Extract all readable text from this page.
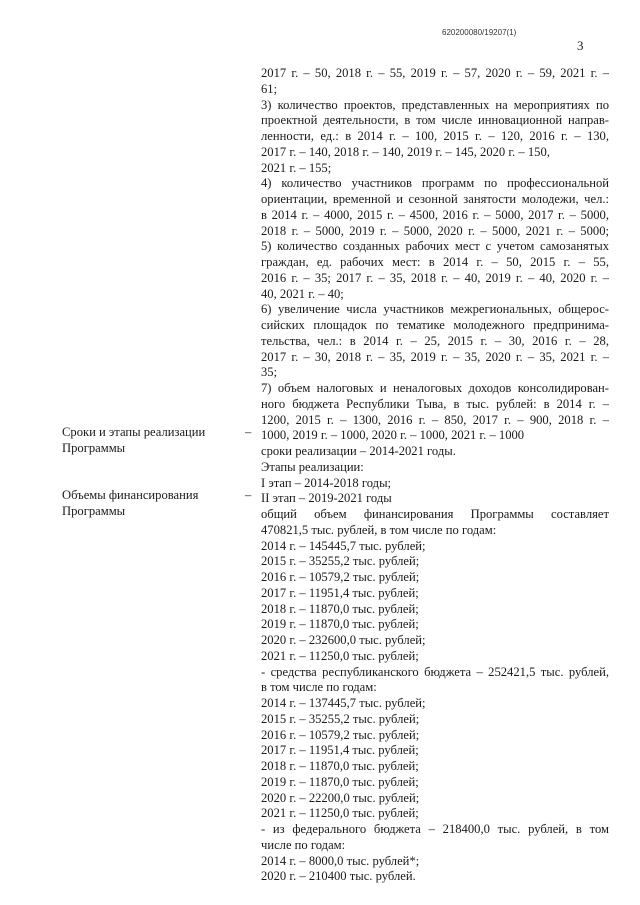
620200080/19207(1)
3
Сроки и этапы реализации Программы
–
Объемы финансирования Программы
–
2017 г. – 50, 2018 г. – 55, 2019 г. – 57, 2020 г. – 59, 2021 г. –
61;
3) количество проектов, представленных на мероприятиях по
проектной деятельности, в том числе инновационной направ-
ленности, ед.: в 2014 г. – 100, 2015 г. – 120, 2016 г. – 130,
2017 г. – 140, 2018 г. – 140, 2019 г. – 145, 2020 г. – 150,
2021 г. – 155;
4) количество участников программ по профессиональной
ориентации, временной и сезонной занятости молодежи, чел.:
в 2014 г. – 4000, 2015 г. – 4500, 2016 г. – 5000, 2017 г. – 5000,
2018 г. – 5000, 2019 г. – 5000, 2020 г. – 5000, 2021 г. – 5000;
5) количество созданных рабочих мест с учетом самозанятых
граждан, ед. рабочих мест: в 2014 г. – 50, 2015 г. – 55,
2016 г. – 35; 2017 г. – 35, 2018 г. – 40, 2019 г. – 40, 2020 г. –
40, 2021 г. – 40;
6) увеличение числа участников межрегиональных, общерос-
сийских площадок по тематике молодежного предпринима-
тельства, чел.: в 2014 г. – 25, 2015 г. – 30, 2016 г. – 28,
2017 г. – 30, 2018 г. – 35, 2019 г. – 35, 2020 г. – 35, 2021 г. –
35;
7) объем налоговых и неналоговых доходов консолидирован-
ного бюджета Республики Тыва, в тыс. рублей: в 2014 г. –
1200, 2015 г. – 1300, 2016 г. – 850, 2017 г. – 900, 2018 г. –
1000, 2019 г. – 1000, 2020 г. – 1000, 2021 г. – 1000
сроки реализации – 2014-2021 годы.
Этапы реализации:
I этап – 2014-2018 годы;
II этап – 2019-2021 годы
общий объем финансирования Программы составляет
470821,5 тыс. рублей, в том числе по годам:
2014 г. – 145445,7 тыс. рублей;
2015 г. – 35255,2 тыс. рублей;
2016 г. – 10579,2 тыс. рублей;
2017 г. – 11951,4 тыс. рублей;
2018 г. – 11870,0 тыс. рублей;
2019 г. – 11870,0 тыс. рублей;
2020 г. – 232600,0 тыс. рублей;
2021 г. – 11250,0 тыс. рублей;
- средства республиканского бюджета – 252421,5 тыс. рублей,
в том числе по годам:
2014 г. – 137445,7 тыс. рублей;
2015 г. – 35255,2 тыс. рублей;
2016 г. – 10579,2 тыс. рублей;
2017 г. – 11951,4 тыс. рублей;
2018 г. – 11870,0 тыс. рублей;
2019 г. – 11870,0 тыс. рублей;
2020 г. – 22200,0 тыс. рублей;
2021 г. – 11250,0 тыс. рублей;
- из федерального бюджета – 218400,0 тыс. рублей, в том
числе по годам:
2014 г. – 8000,0 тыс. рублей*;
2020 г. – 210400 тыс. рублей.
